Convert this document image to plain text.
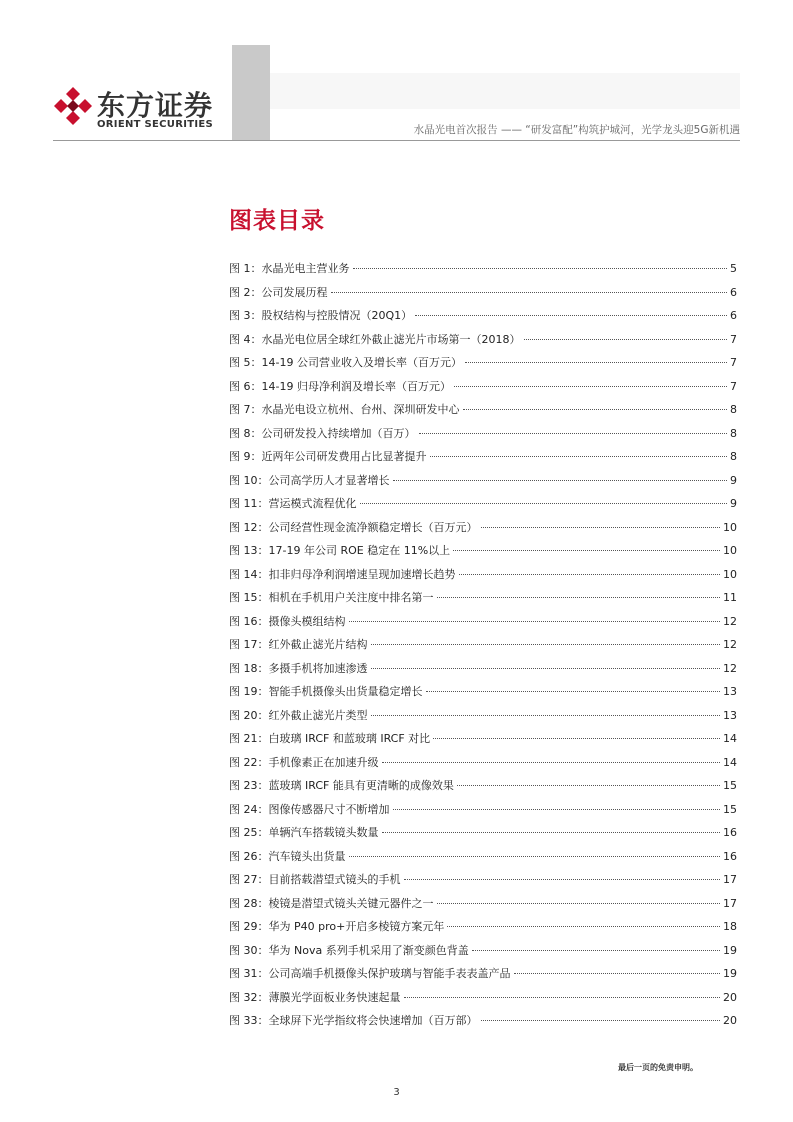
东方证券
ORIENT SECURITIES	水晶光电首次报告 —— “研发富配”构筑护城河，光学龙头迎5G新机遇
图表目录
图 1：水晶光电主营业务	5
图 2：公司发展历程	6
图 3：股权结构与控股情况（20Q1）	6
图 4：水晶光电位居全球红外截止滤光片市场第一（2018）	7
图 5：14-19 公司营业收入及增长率（百万元）	7
图 6：14-19 归母净利润及增长率（百万元）	7
图 7：水晶光电设立杭州、台州、深圳研发中心	8
图 8：公司研发投入持续增加（百万）	8
图 9：近两年公司研发费用占比显著提升	8
图 10：公司高学历人才显著增长	9
图 11：营运模式流程优化	9
图 12：公司经营性现金流净额稳定增长（百万元）	10
图 13：17-19 年公司 ROE 稳定在 11%以上	10
图 14：扣非归母净利润增速呈现加速增长趋势	10
图 15：相机在手机用户关注度中排名第一	11
图 16：摄像头模组结构	12
图 17：红外截止滤光片结构	12
图 18：多摄手机将加速渗透	12
图 19：智能手机摄像头出货量稳定增长	13
图 20：红外截止滤光片类型	13
图 21：白玻璃 IRCF 和蓝玻璃 IRCF 对比	14
图 22：手机像素正在加速升级	14
图 23：蓝玻璃 IRCF 能具有更清晰的成像效果	15
图 24：图像传感器尺寸不断增加	15
图 25：单辆汽车搭载镜头数量	16
图 26：汽车镜头出货量	16
图 27：目前搭载潜望式镜头的手机	17
图 28：棱镜是潜望式镜头关键元器件之一	17
图 29：华为 P40 pro+开启多棱镜方案元年	18
图 30：华为 Nova 系列手机采用了渐变颜色背盖	19
图 31：公司高端手机摄像头保护玻璃与智能手表表盖产品	19
图 32：薄膜光学面板业务快速起量	20
图 33：全球屏下光学指纹将会快速增加（百万部）	20
最后一页的免责申明。
3
